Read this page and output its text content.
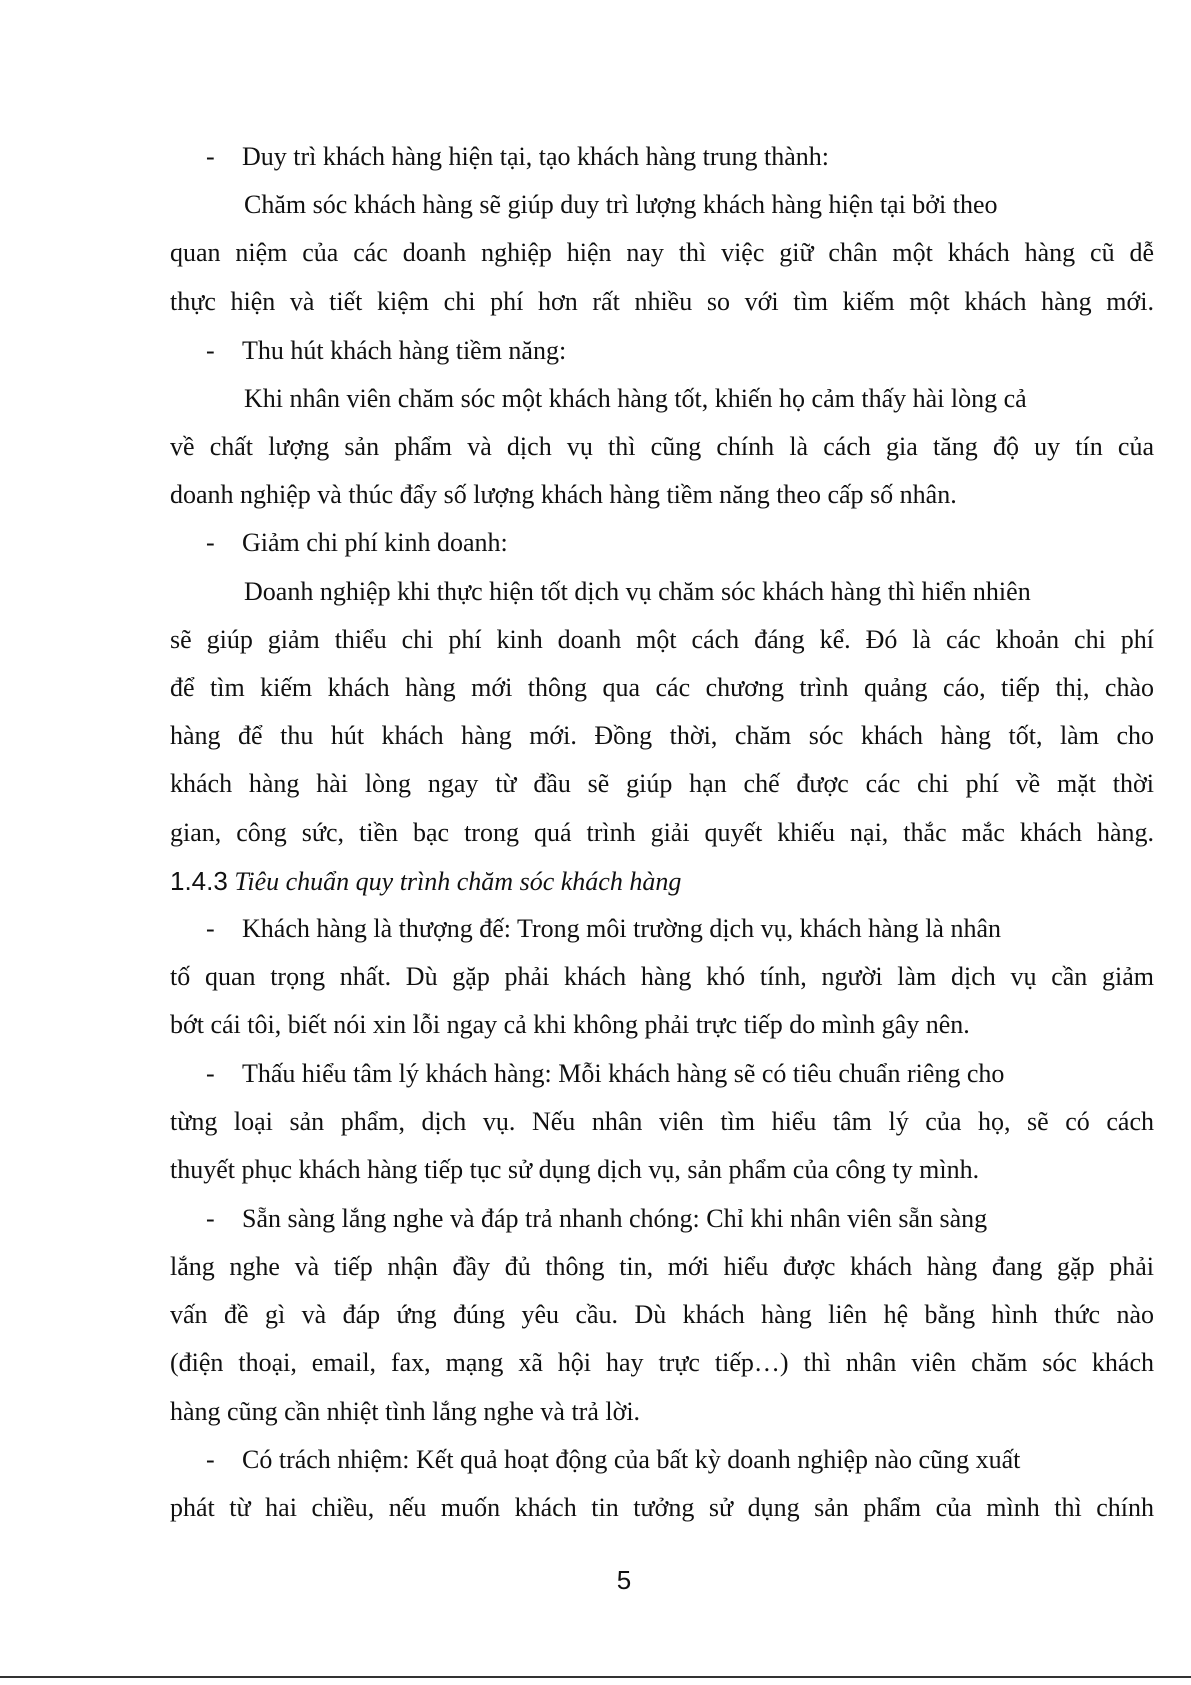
- Duy trì khách hàng hiện tại, tạo khách hàng trung thành:
Chăm sóc khách hàng sẽ giúp duy trì lượng khách hàng hiện tại bởi theo
quan niệm của các doanh nghiệp hiện nay thì việc giữ chân một khách hàng cũ dễ
thực hiện và tiết kiệm chi phí hơn rất nhiều so với tìm kiếm một khách hàng mới.
- Thu hút khách hàng tiềm năng:
Khi nhân viên chăm sóc một khách hàng tốt, khiến họ cảm thấy hài lòng cả
về chất lượng sản phẩm và dịch vụ thì cũng chính là cách gia tăng độ uy tín của
doanh nghiệp và thúc đẩy số lượng khách hàng tiềm năng theo cấp số nhân.
- Giảm chi phí kinh doanh:
Doanh nghiệp khi thực hiện tốt dịch vụ chăm sóc khách hàng thì hiển nhiên
sẽ giúp giảm thiểu chi phí kinh doanh một cách đáng kể. Đó là các khoản chi phí
để tìm kiếm khách hàng mới thông qua các chương trình quảng cáo, tiếp thị, chào
hàng để thu hút khách hàng mới. Đồng thời, chăm sóc khách hàng tốt, làm cho
khách hàng hài lòng ngay từ đầu sẽ giúp hạn chế được các chi phí về mặt thời
gian, công sức, tiền bạc trong quá trình giải quyết khiếu nại, thắc mắc khách hàng.
1.4.3 Tiêu chuẩn quy trình chăm sóc khách hàng
- Khách hàng là thượng đế: Trong môi trường dịch vụ, khách hàng là nhân
tố quan trọng nhất. Dù gặp phải khách hàng khó tính, người làm dịch vụ cần giảm
bớt cái tôi, biết nói xin lỗi ngay cả khi không phải trực tiếp do mình gây nên.
- Thấu hiểu tâm lý khách hàng: Mỗi khách hàng sẽ có tiêu chuẩn riêng cho
từng loại sản phẩm, dịch vụ. Nếu nhân viên tìm hiểu tâm lý của họ, sẽ có cách
thuyết phục khách hàng tiếp tục sử dụng dịch vụ, sản phẩm của công ty mình.
- Sẵn sàng lắng nghe và đáp trả nhanh chóng: Chỉ khi nhân viên sẵn sàng
lắng nghe và tiếp nhận đầy đủ thông tin, mới hiểu được khách hàng đang gặp phải
vấn đề gì và đáp ứng đúng yêu cầu. Dù khách hàng liên hệ bằng hình thức nào
(điện thoại, email, fax, mạng xã hội hay trực tiếp…) thì nhân viên chăm sóc khách
hàng cũng cần nhiệt tình lắng nghe và trả lời.
- Có trách nhiệm: Kết quả hoạt động của bất kỳ doanh nghiệp nào cũng xuất
phát từ hai chiều, nếu muốn khách tin tưởng sử dụng sản phẩm của mình thì chính
5
